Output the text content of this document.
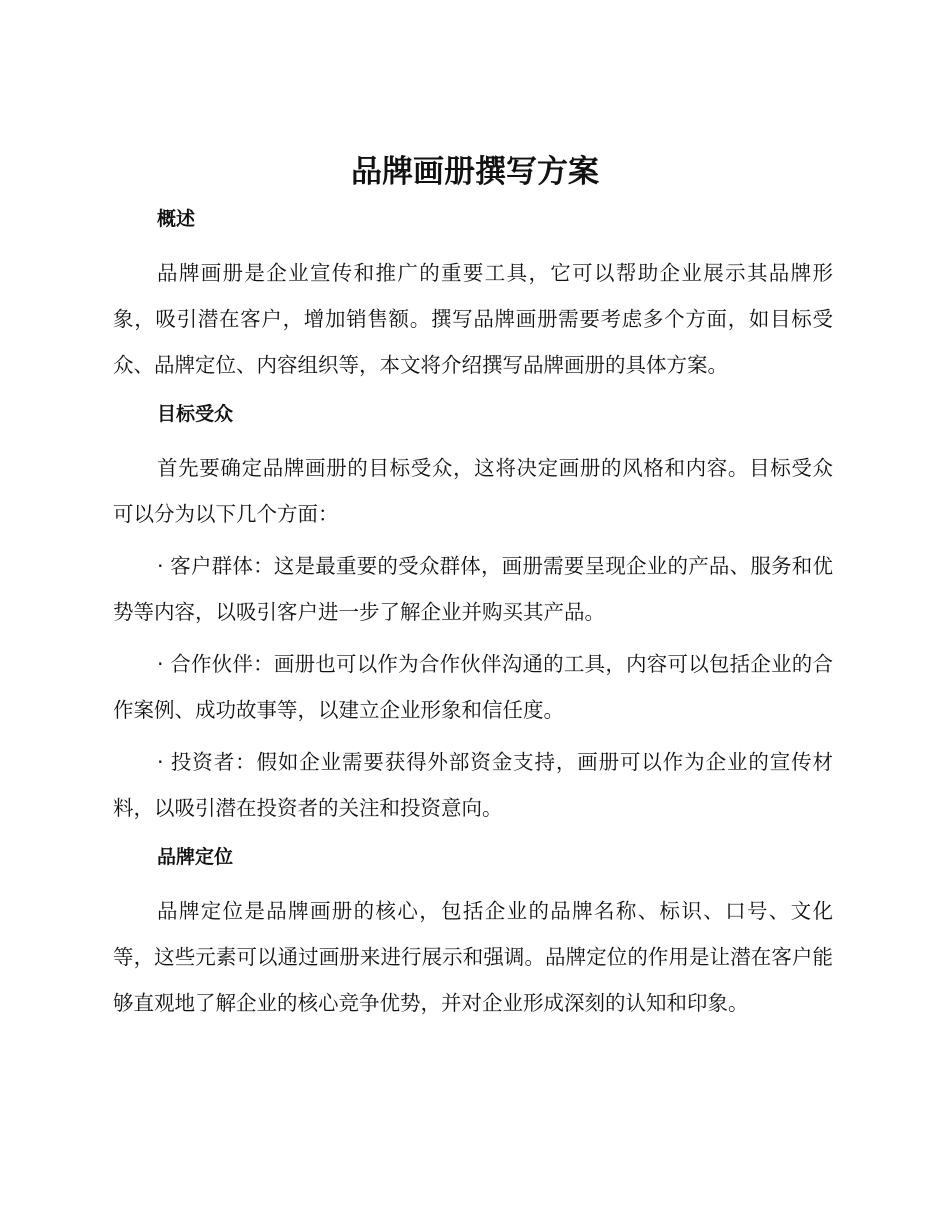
品牌画册撰写方案
概述

品牌画册是企业宣传和推广的重要工具，它可以帮助企业展示其品牌形象，吸引潜在客户，增加销售额。撰写品牌画册需要考虑多个方面，如目标受众、品牌定位、内容组织等，本文将介绍撰写品牌画册的具体方案。

目标受众

首先要确定品牌画册的目标受众，这将决定画册的风格和内容。目标受众可以分为以下几个方面：

· 客户群体：这是最重要的受众群体，画册需要呈现企业的产品、服务和优势等内容，以吸引客户进一步了解企业并购买其产品。

· 合作伙伴：画册也可以作为合作伙伴沟通的工具，内容可以包括企业的合作案例、成功故事等，以建立企业形象和信任度。

· 投资者：假如企业需要获得外部资金支持，画册可以作为企业的宣传材料，以吸引潜在投资者的关注和投资意向。

品牌定位

品牌定位是品牌画册的核心，包括企业的品牌名称、标识、口号、文化等，这些元素可以通过画册来进行展示和强调。品牌定位的作用是让潜在客户能够直观地了解企业的核心竞争优势，并对企业形成深刻的认知和印象。
